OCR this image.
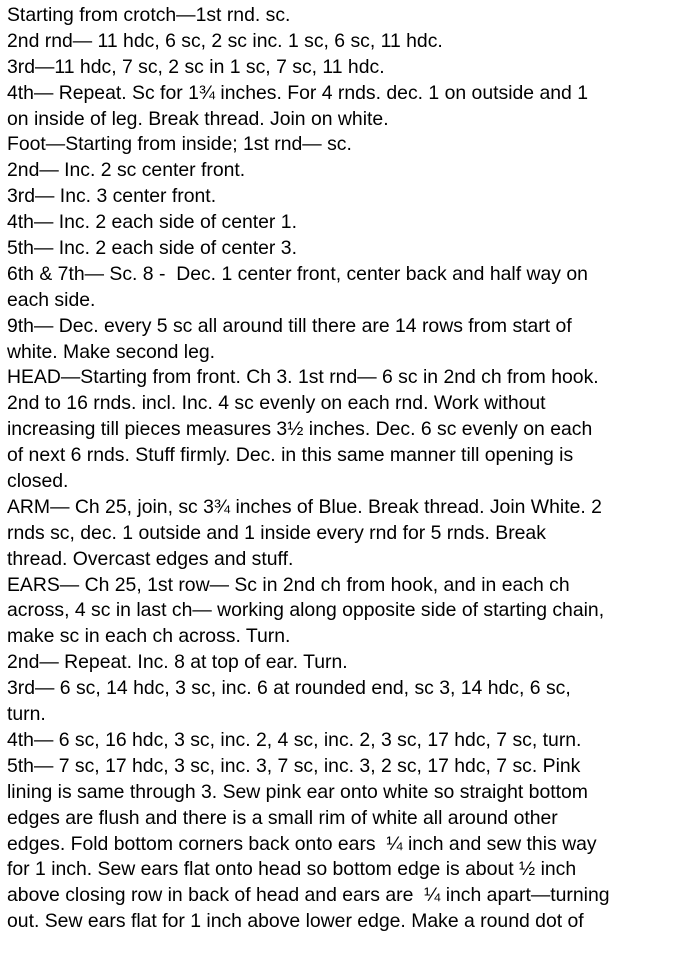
Starting from crotch—1st rnd. sc.
2nd rnd— 11 hdc, 6 sc, 2 sc inc. 1 sc, 6 sc, 11 hdc.
3rd—11 hdc, 7 sc, 2 sc in 1 sc, 7 sc, 11 hdc.
4th— Repeat. Sc for 1¾ inches. For 4 rnds. dec. 1 on outside and 1
on inside of leg. Break thread. Join on white.
Foot—Starting from inside; 1st rnd— sc.
2nd— Inc. 2 sc center front.
3rd— Inc. 3 center front.
4th— Inc. 2 each side of center 1.
5th— Inc. 2 each side of center 3.
6th & 7th— Sc. 8 -  Dec. 1 center front, center back and half way on
each side.
9th— Dec. every 5 sc all around till there are 14 rows from start of
white. Make second leg.
HEAD—Starting from front. Ch 3. 1st rnd— 6 sc in 2nd ch from hook.
2nd to 16 rnds. incl. Inc. 4 sc evenly on each rnd. Work without
increasing till pieces measures 3½ inches. Dec. 6 sc evenly on each
of next 6 rnds. Stuff firmly. Dec. in this same manner till opening is
closed.
ARM— Ch 25, join, sc 3¾ inches of Blue. Break thread. Join White. 2
rnds sc, dec. 1 outside and 1 inside every rnd for 5 rnds. Break
thread. Overcast edges and stuff.
EARS— Ch 25, 1st row— Sc in 2nd ch from hook, and in each ch
across, 4 sc in last ch— working along opposite side of starting chain,
make sc in each ch across. Turn.
2nd— Repeat. Inc. 8 at top of ear. Turn.
3rd— 6 sc, 14 hdc, 3 sc, inc. 6 at rounded end, sc 3, 14 hdc, 6 sc,
turn.
4th— 6 sc, 16 hdc, 3 sc, inc. 2, 4 sc, inc. 2, 3 sc, 17 hdc, 7 sc, turn.
5th— 7 sc, 17 hdc, 3 sc, inc. 3, 7 sc, inc. 3, 2 sc, 17 hdc, 7 sc. Pink
lining is same through 3. Sew pink ear onto white so straight bottom
edges are flush and there is a small rim of white all around other
edges. Fold bottom corners back onto ears  ¼ inch and sew this way
for 1 inch. Sew ears flat onto head so bottom edge is about ½ inch
above closing row in back of head and ears are  ¼ inch apart—turning
out. Sew ears flat for 1 inch above lower edge. Make a round dot of
